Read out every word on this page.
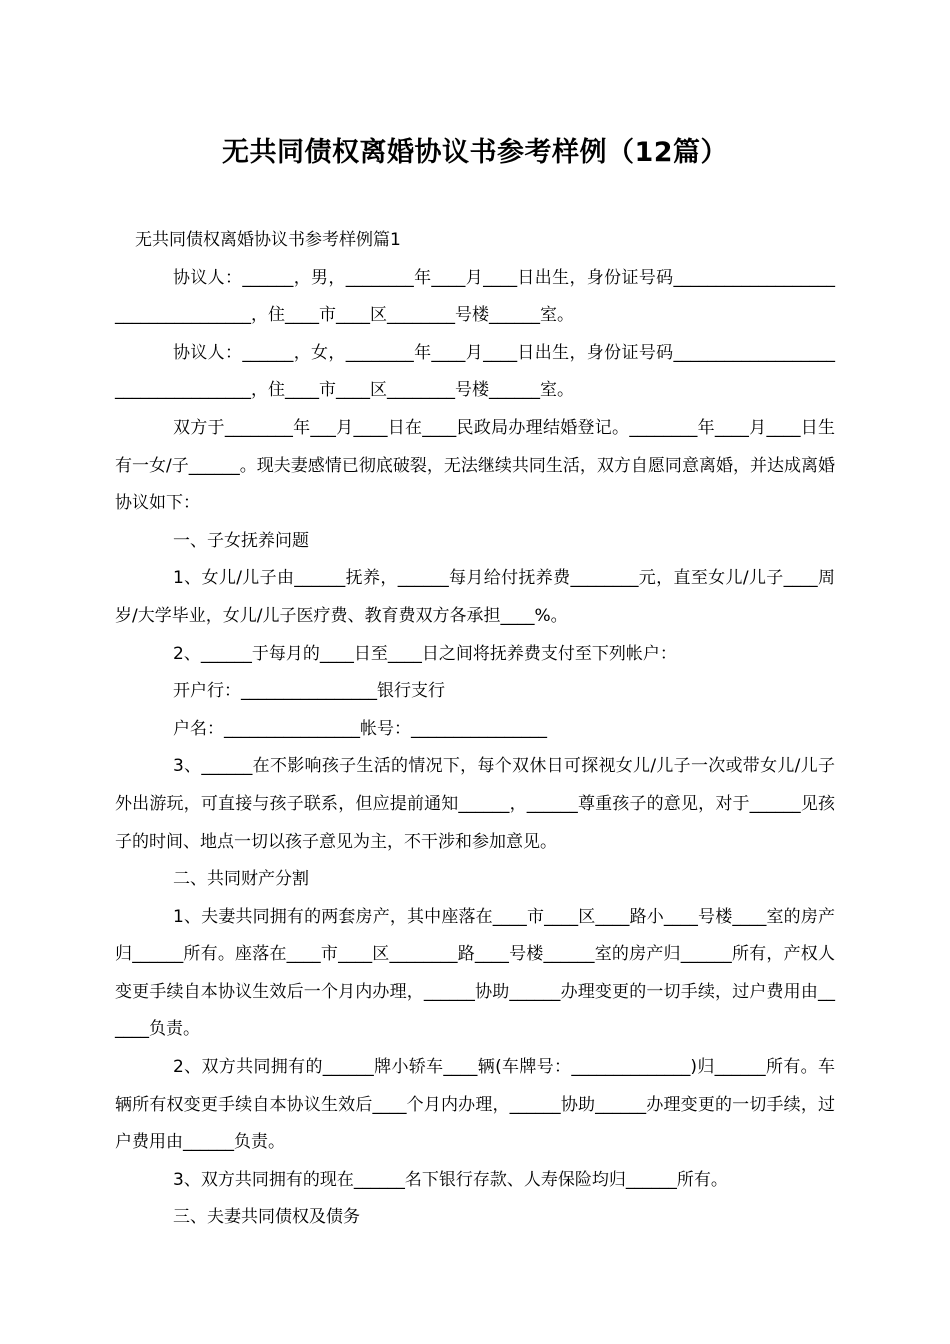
无共同债权离婚协议书参考样例（12篇）

无共同债权离婚协议书参考样例篇1

协议人：______，男，________年____月____日出生，身份证号码___________________________________，住____市____区________号楼______室。

协议人：______，女，________年____月____日出生，身份证号码___________________________________，住____市____区________号楼______室。

双方于________年___月____日在____民政局办理结婚登记。________年____月____日生有一女/子______。现夫妻感情已彻底破裂，无法继续共同生活，双方自愿同意离婚，并达成离婚协议如下：

一、子女抚养问题

1、女儿/儿子由______抚养，______每月给付抚养费________元，直至女儿/儿子____周岁/大学毕业，女儿/儿子医疗费、教育费双方各承担____%。

2、______于每月的____日至____日之间将抚养费支付至下列帐户：

开户行：________________银行支行

户名：________________帐号：________________

3、______在不影响孩子生活的情况下，每个双休日可探视女儿/儿子一次或带女儿/儿子外出游玩，可直接与孩子联系，但应提前通知______，______尊重孩子的意见，对于______见孩子的时间、地点一切以孩子意见为主，不干涉和参加意见。

二、共同财产分割

1、夫妻共同拥有的两套房产，其中座落在____市____区____路小____号楼____室的房产归______所有。座落在____市____区________路____号楼______室的房产归______所有，产权人变更手续自本协议生效后一个月内办理，______协助______办理变更的一切手续，过户费用由______负责。

2、双方共同拥有的______牌小轿车____辆(车牌号：______________)归______所有。车辆所有权变更手续自本协议生效后____个月内办理，______协助______办理变更的一切手续，过户费用由______负责。

3、双方共同拥有的现在______名下银行存款、人寿保险均归______所有。

三、夫妻共同债权及债务
